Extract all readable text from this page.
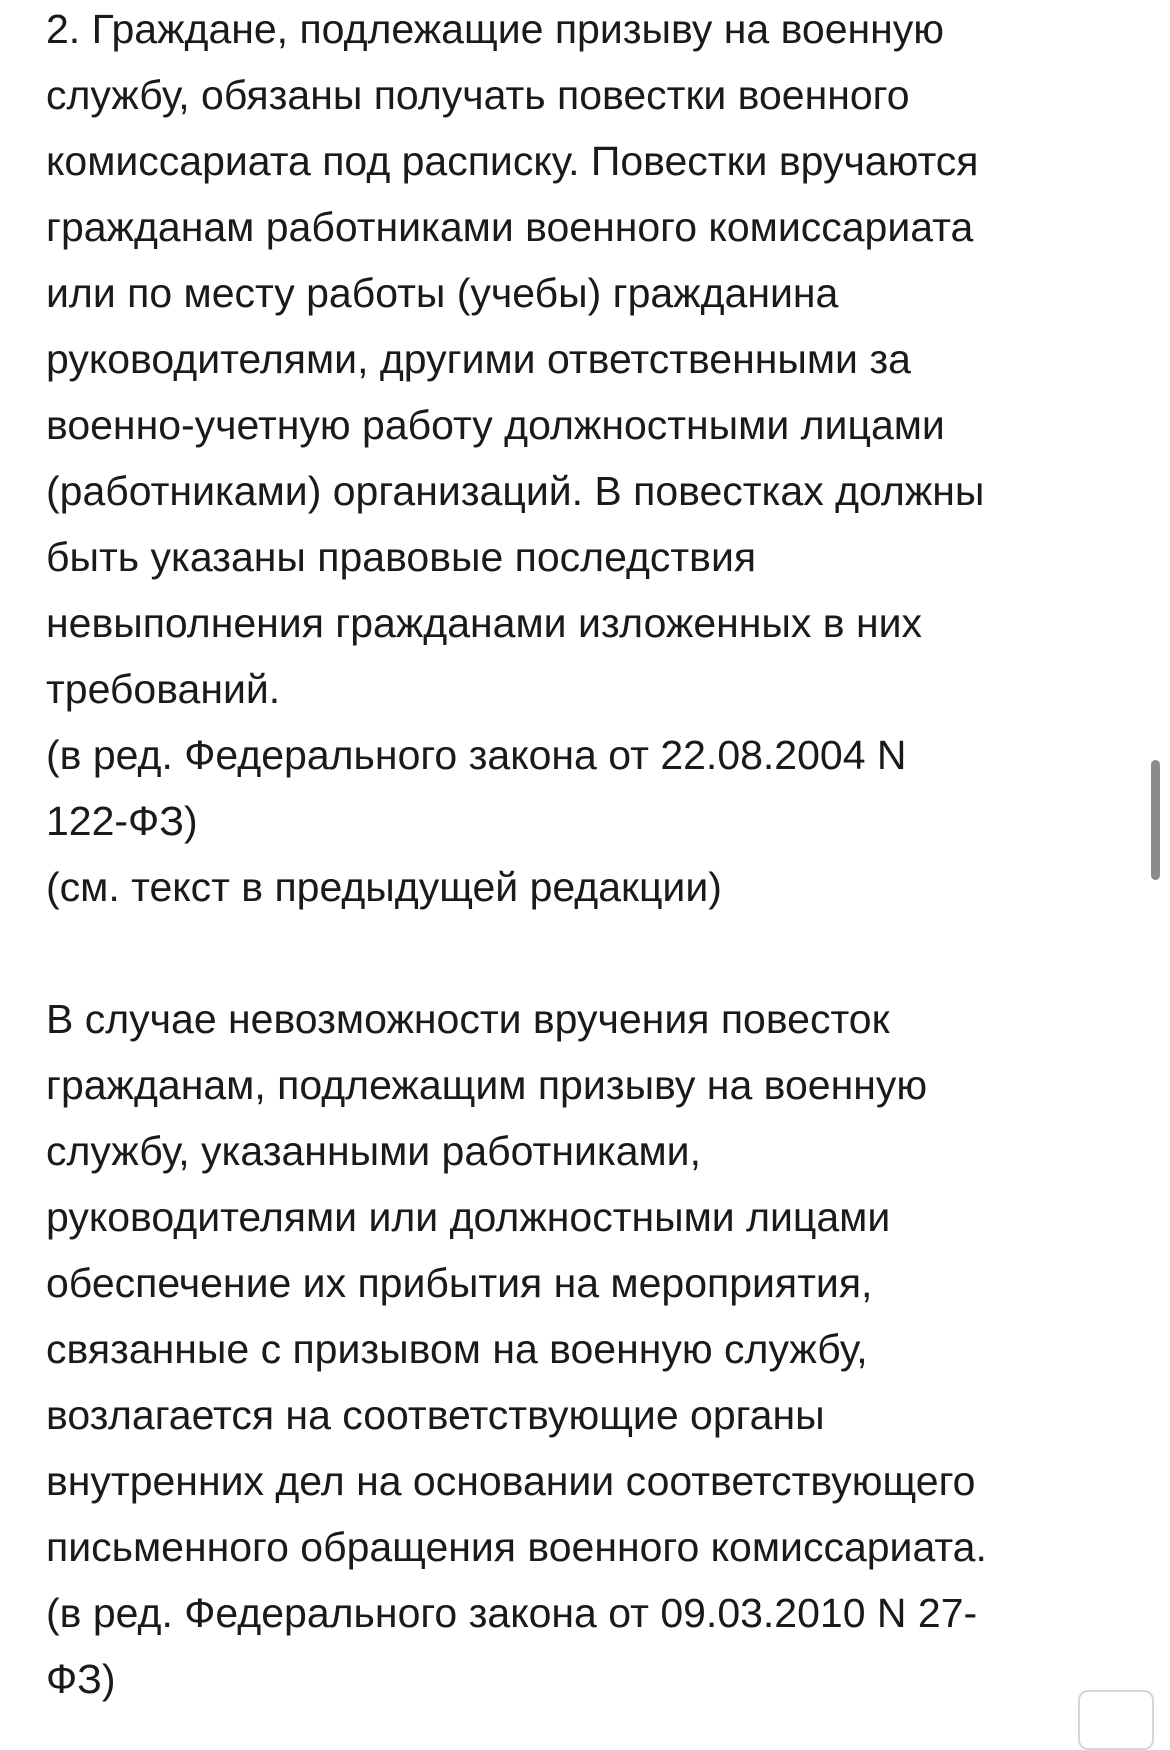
2. Граждане, подлежащие призыву на военную
службу, обязаны получать повестки военного
комиссариата под расписку. Повестки вручаются
гражданам работниками военного комиссариата
или по месту работы (учебы) гражданина
руководителями, другими ответственными за
военно-учетную работу должностными лицами
(работниками) организаций. В повестках должны
быть указаны правовые последствия
невыполнения гражданами изложенных в них
требований.
(в ред. Федерального закона от 22.08.2004 N
122-ФЗ)
(см. текст в предыдущей редакции)
В случае невозможности вручения повесток
гражданам, подлежащим призыву на военную
службу, указанными работниками,
руководителями или должностными лицами
обеспечение их прибытия на мероприятия,
связанные с призывом на военную службу,
возлагается на соответствующие органы
внутренних дел на основании соответствующего
письменного обращения военного комиссариата.
(в ред. Федерального закона от 09.03.2010 N 27-
ФЗ)
